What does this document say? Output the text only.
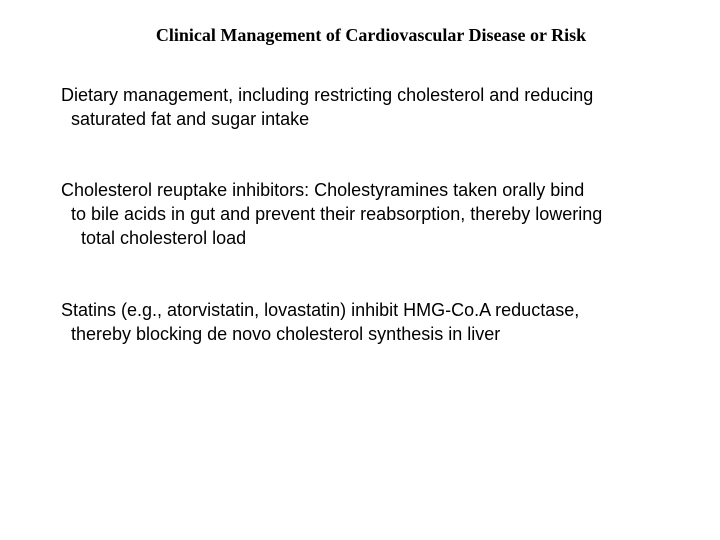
Clinical Management of Cardiovascular Disease or Risk
Dietary management, including restricting cholesterol and reducing
saturated fat and sugar intake
Cholesterol reuptake inhibitors: Cholestyramines taken orally bind
to bile acids in gut and prevent their reabsorption, thereby lowering
total cholesterol load
Statins (e.g., atorvistatin, lovastatin) inhibit HMG-Co.A reductase,
thereby blocking de novo cholesterol synthesis in liver
